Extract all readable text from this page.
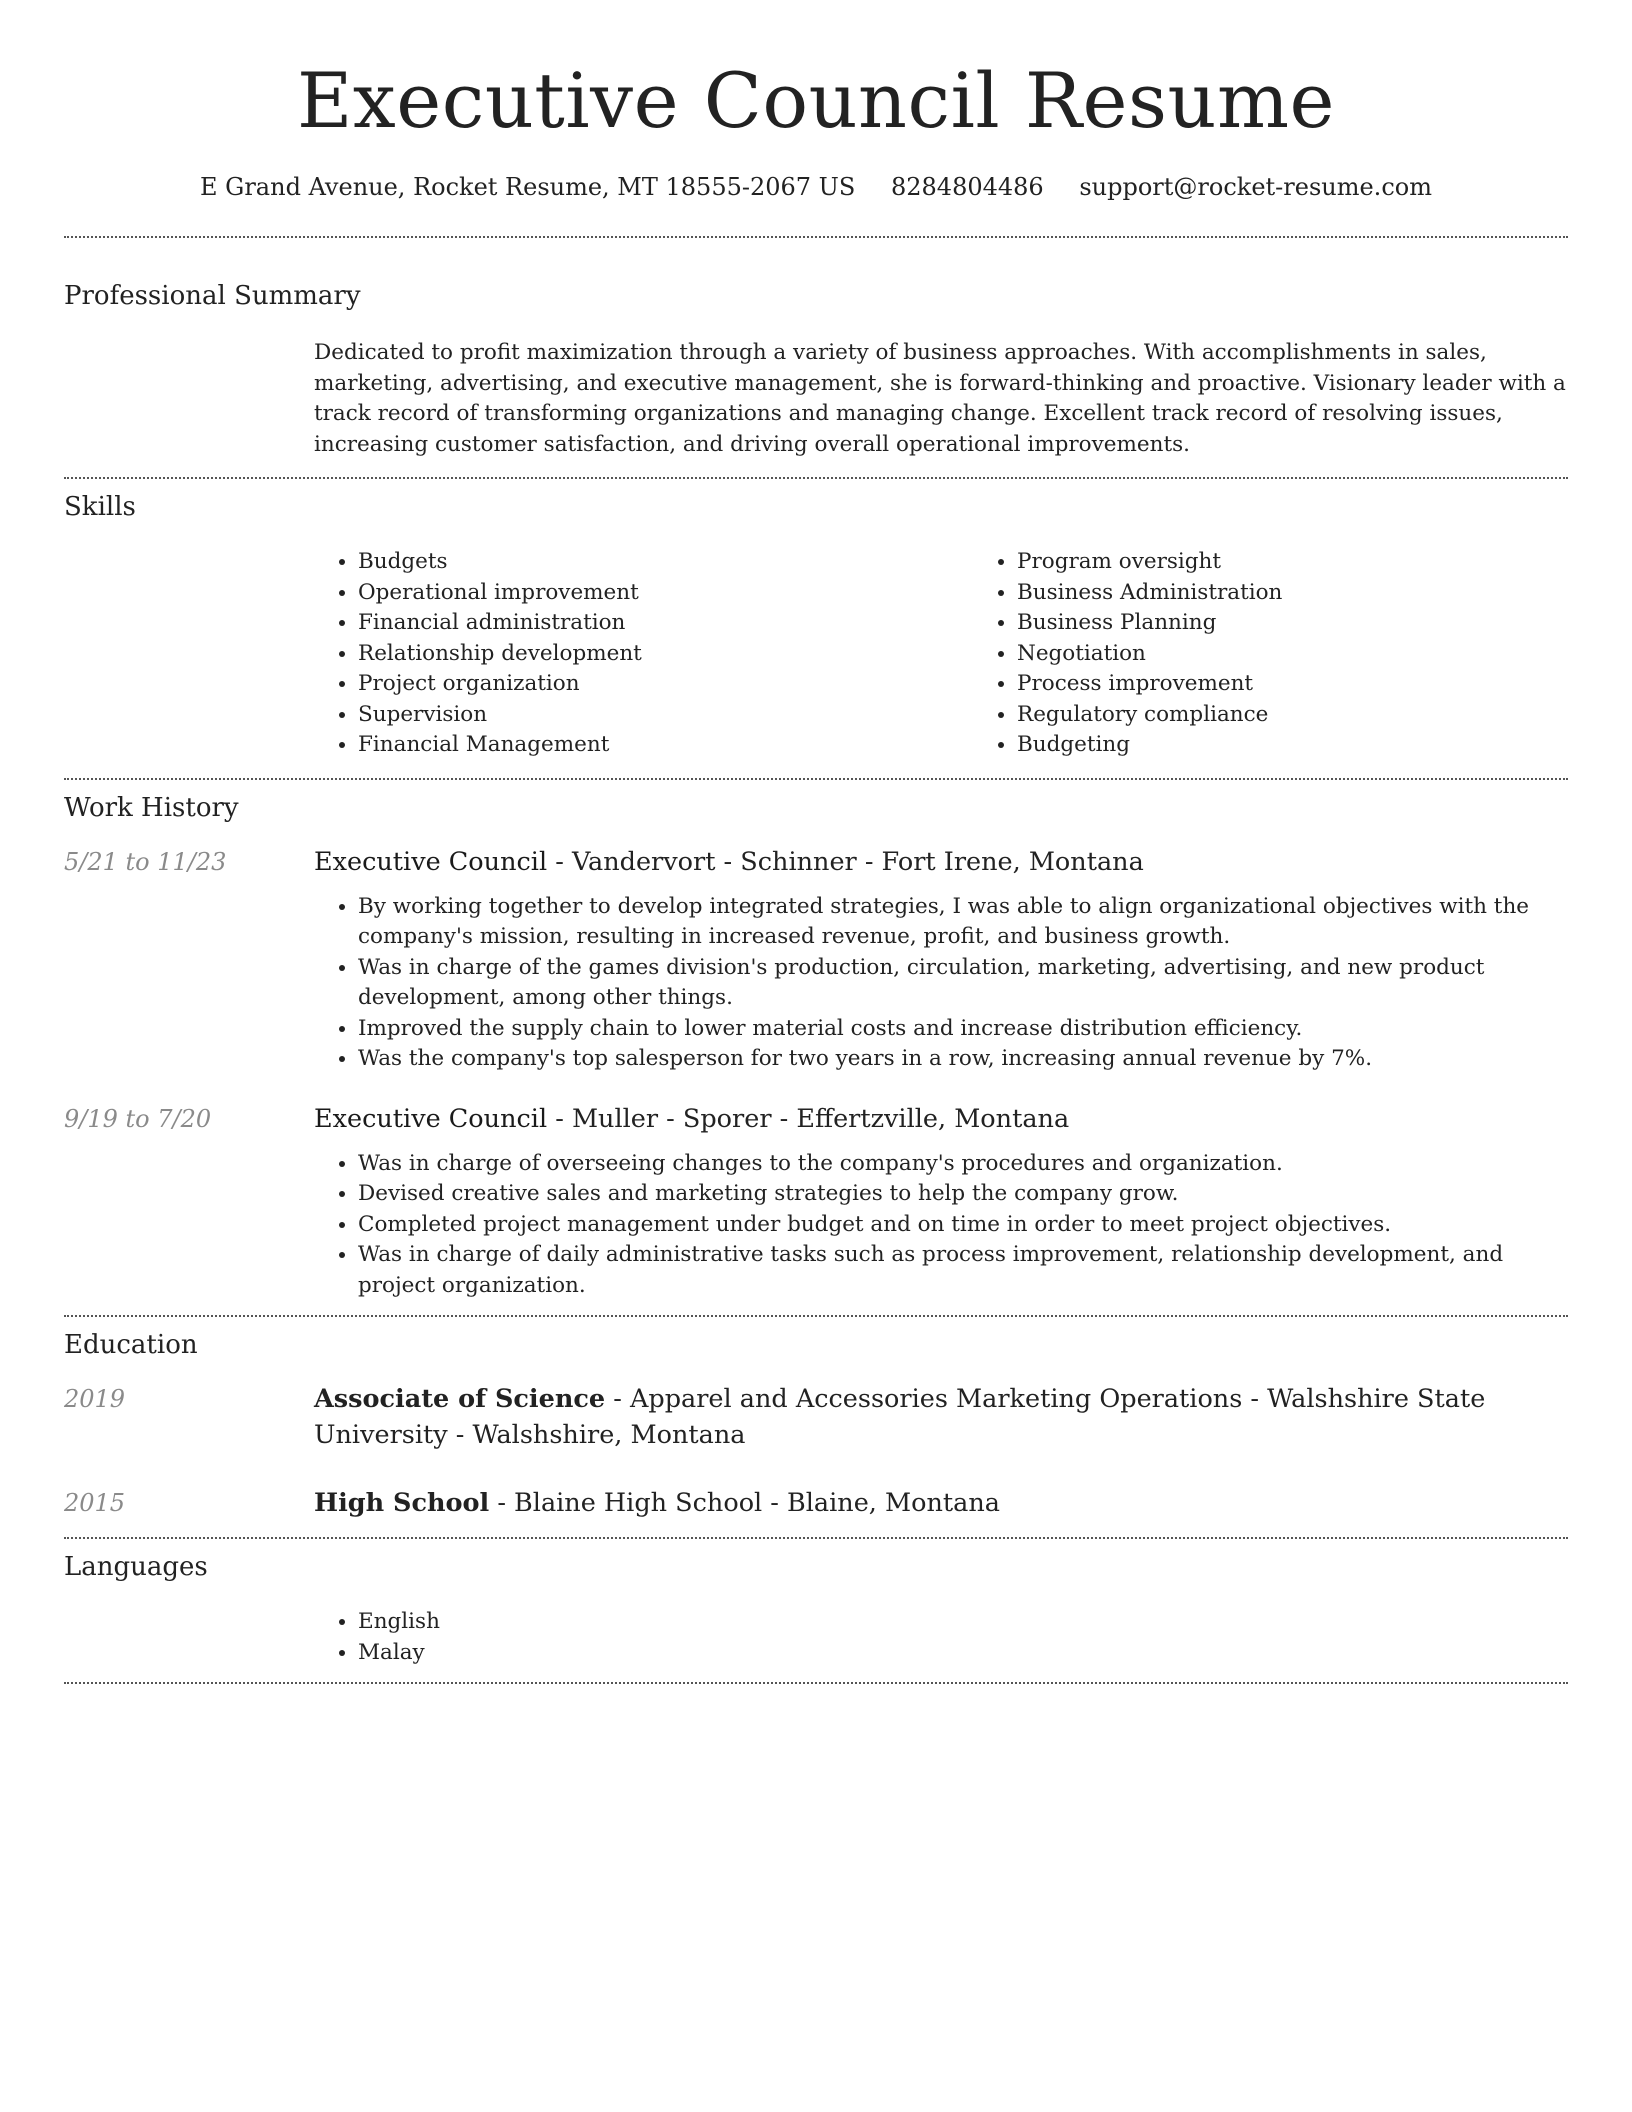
Executive Council Resume
E Grand Avenue, Rocket Resume, MT 18555-2067 US 8284804486 support@rocket-resume.com
Professional Summary

Dedicated to profit maximization through a variety of business approaches. With accomplishments in sales, marketing, advertising, and executive management, she is forward-thinking and proactive. Visionary leader with a track record of transforming organizations and managing change. Excellent track record of resolving issues, increasing customer satisfaction, and driving overall operational improvements.

Skills
• Budgets
• Operational improvement
• Financial administration
• Relationship development
• Project organization
• Supervision
• Financial Management
• Program oversight
• Business Administration
• Business Planning
• Negotiation
• Process improvement
• Regulatory compliance
• Budgeting
Work History
5/21 to 11/23	Executive Council - Vandervort - Schinner - Fort Irene, Montana
• By working together to develop integrated strategies, I was able to align organizational objectives with the company's mission, resulting in increased revenue, profit, and business growth.
• Was in charge of the games division's production, circulation, marketing, advertising, and new product development, among other things.
• Improved the supply chain to lower material costs and increase distribution efficiency.
• Was the company's top salesperson for two years in a row, increasing annual revenue by 7%.
9/19 to 7/20	Executive Council - Muller - Sporer - Effertzville, Montana
• Was in charge of overseeing changes to the company's procedures and organization.
• Devised creative sales and marketing strategies to help the company grow.
• Completed project management under budget and on time in order to meet project objectives.
• Was in charge of daily administrative tasks such as process improvement, relationship development, and project organization.
Education
2019	Associate of Science - Apparel and Accessories Marketing Operations - Walshshire State University - Walshshire, Montana
2015	High School - Blaine High School - Blaine, Montana
Languages
• English
• Malay
